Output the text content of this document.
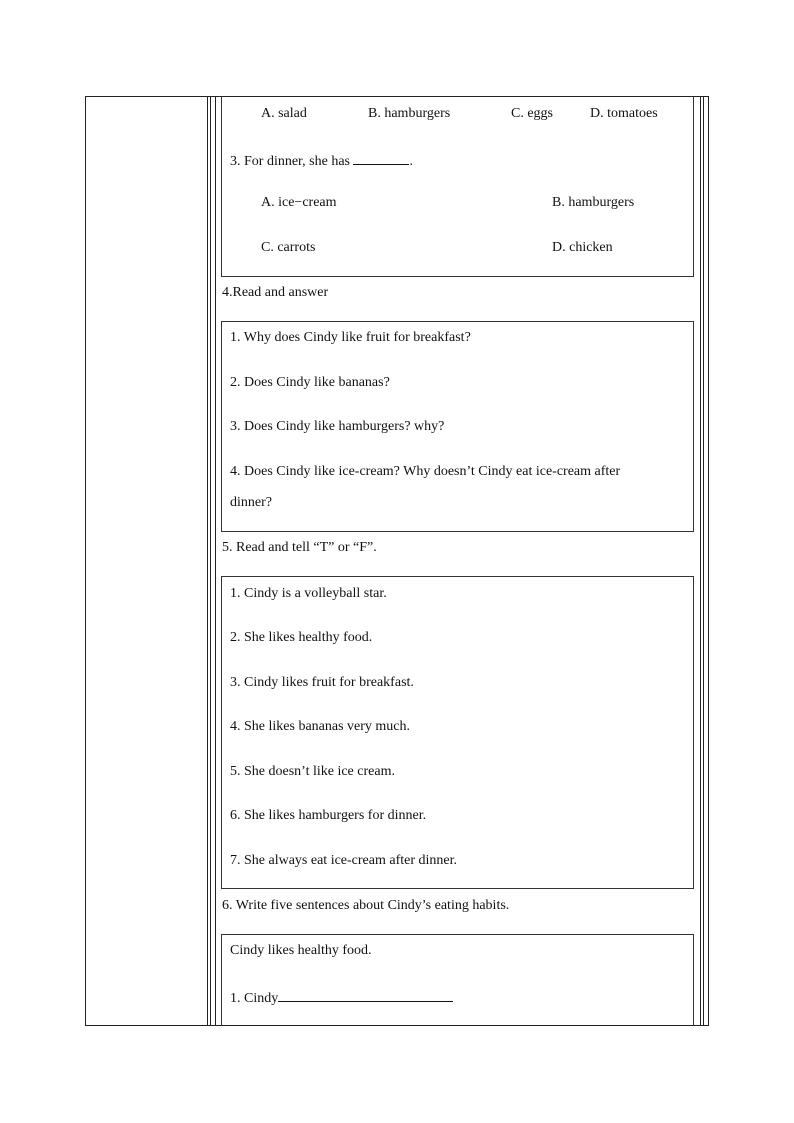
A. salad	B. hamburgers	C. eggs	D. tomatoes
3. For dinner, she has	.
A. ice−cream	B. hamburgers
C. carrots	D. chicken
4.Read and answer
1. Why does Cindy like fruit for breakfast?
2. Does Cindy like bananas?
3. Does Cindy like hamburgers? why?
4. Does Cindy like ice-cream? Why doesn’t Cindy eat ice-cream after
dinner?
5. Read and tell “T” or “F”.
1. Cindy is a volleyball star.
2. She likes healthy food.
3. Cindy likes fruit for breakfast.
4. She likes bananas very much.
5. She doesn’t like ice cream.
6. She likes hamburgers for dinner.
7. She always eat ice-cream after dinner.
6. Write five sentences about Cindy’s eating habits.
Cindy likes healthy food.
1. Cindy
